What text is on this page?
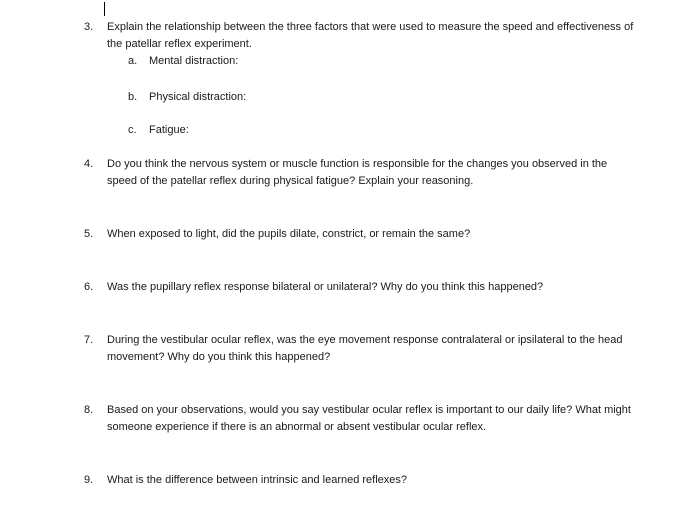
3.	Explain the relationship between the three factors that were used to measure the speed and effectiveness of the patellar reflex experiment.
a. Mental distraction:
b. Physical distraction:
c. Fatigue:
4.	Do you think the nervous system or muscle function is responsible for the changes you observed in the speed of the patellar reflex during physical fatigue? Explain your reasoning.
5.	When exposed to light, did the pupils dilate, constrict, or remain the same?
6.	Was the pupillary reflex response bilateral or unilateral? Why do you think this happened?
7.	During the vestibular ocular reflex, was the eye movement response contralateral or ipsilateral to the head movement? Why do you think this happened?
8.	Based on your observations, would you say vestibular ocular reflex is important to our daily life? What might someone experience if there is an abnormal or absent vestibular ocular reflex.
9.	What is the difference between intrinsic and learned reflexes?
